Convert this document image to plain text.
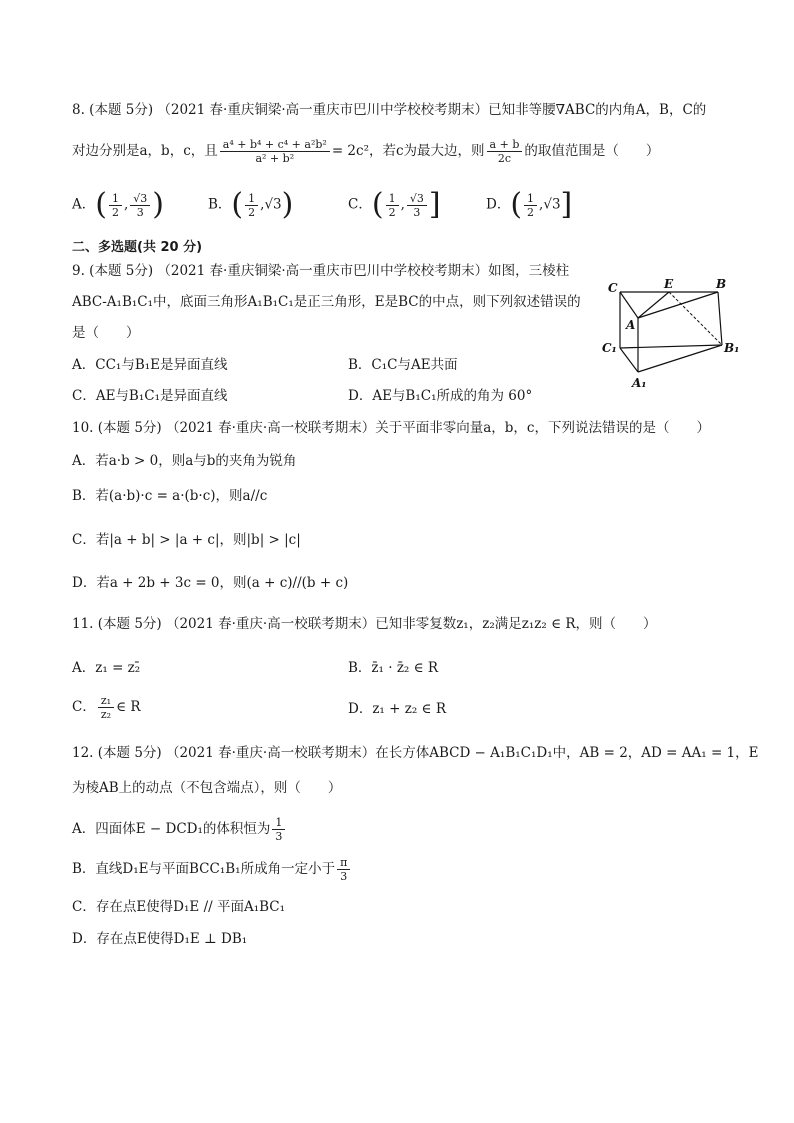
8. (本题 5分) （2021 春·重庆铜梁·高一重庆市巴川中学校校考期末）已知非等腰∇ABC的内角A，B，C的
对边分别是a，b，c，且 $\frac{\text{a⁴ + b⁴ + c⁴ + a²b²}}{\text{a² + b²}} = 2c^2$，若c为最大边，则 $\frac{a + b}{2c}$ 的取值范围是（　　）
A．( $\frac{1}{2}$ , $\frac{√3}{3}$ )	B．( $\frac{1}{2} ,√3$)	C．( $\frac{1}{2}$ , $\frac{√3}{3}$ ]	D．( $\frac{1}{2} ,√3$]
二、多选题(共 20 分)
9. (本题 5分) （2021 春·重庆铜梁·高一重庆市巴川中学校校考期末）如图，三棱柱
ABC-A₁B₁C₁中，底面三角形A₁B₁C₁是正三角形，E是BC的中点，则下列叙述错误的
是（　　）
A．CC₁与B₁E是异面直线	B．C₁C与AE共面
C．AE与B₁C₁是异面直线	D．AE与B₁C₁所成的角为 60°
C	E	B
A
C₁	B₁
A₁
10. (本题 5分) （2021 春·重庆·高一校联考期末）关于平面非零向量a，b，c，下列说法错误的是（　　）
A．若a·b > 0，则a与b的夹角为锐角
B．若(a·b)·c = a·(b·c)，则a//c
C．若|a + b| > |a + c|，则|b| > |c|
D．若a + 2b + 3c = 0，则(a + c)//(b + c)
11. (本题 5分) （2021 春·重庆·高一校联考期末）已知非零复数z₁，z₂满足z₁z₂ ∈ R，则（　　）
A．z₁ = z₂̄	B．z̄₁ · z̄₂ ∈ R
C． $\frac{\text{z₁}}{\text{z₂}}$ ∈ R	D．z₁ + z₂ ∈ R
12. (本题 5分) （2021 春·重庆·高一校联考期末）在长方体ABCD − A₁B₁C₁D₁中，AB = 2，AD = AA₁ = 1，E
为棱AB上的动点（不包含端点），则（　　）
A．四面体E − DCD₁的体积恒为 $\frac{1}{3}$
B．直线D₁E与平面BCC₁B₁所成角一定小于 $\frac{\pi}{3}$
C．存在点E使得D₁E // 平面A₁BC₁
D．存在点E使得D₁E ⊥ DB₁
